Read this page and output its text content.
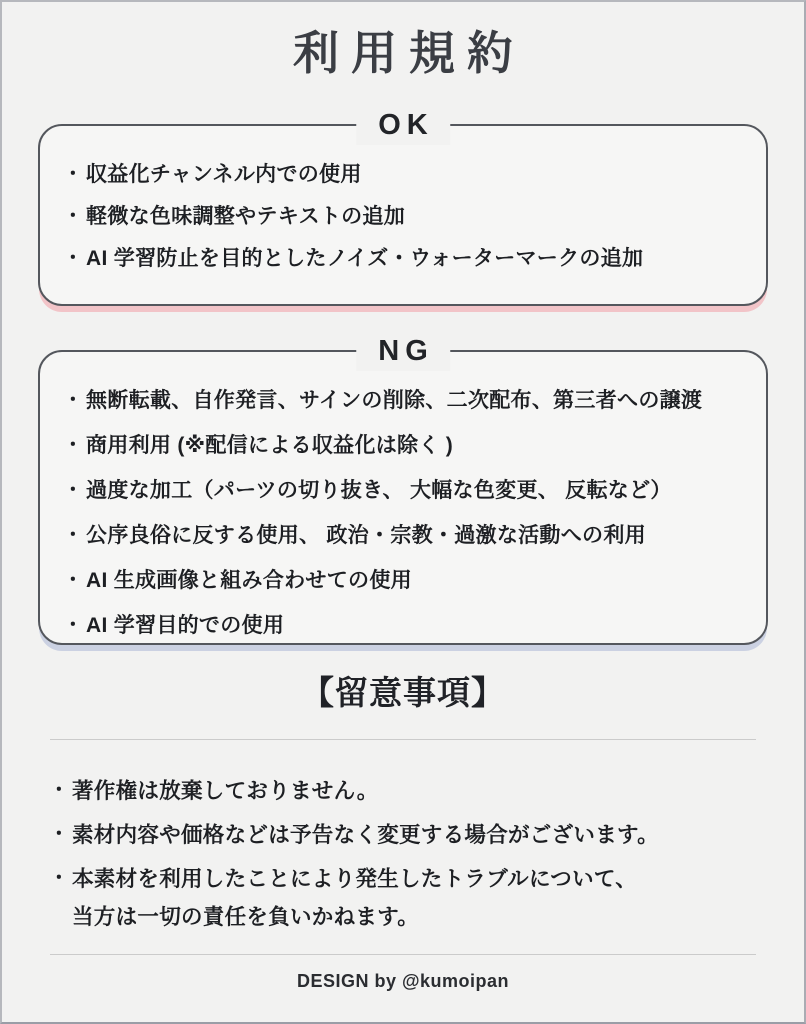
利用規約
OK
・ 収益化チャンネル内での使用
・ 軽微な色味調整やテキストの追加
・ AI 学習防止を目的としたノイズ・ウォーターマークの追加
NG
・ 無断転載、自作発言、サインの削除、二次配布、第三者への譲渡
・ 商用利用 (※配信による収益化は除く )
・ 過度な加工（パーツの切り抜き、 大幅な色変更、 反転など）
・ 公序良俗に反する使用、 政治・宗教・過激な活動への利用
・ AI 生成画像と組み合わせての使用
・ AI 学習目的での使用
【留意事項】
・ 著作権は放棄しておりません。
・ 素材内容や価格などは予告なく変更する場合がございます。
・ 本素材を利用したことにより発生したトラブルについて、
当方は一切の責任を負いかねます。
DESIGN by @kumoipan
